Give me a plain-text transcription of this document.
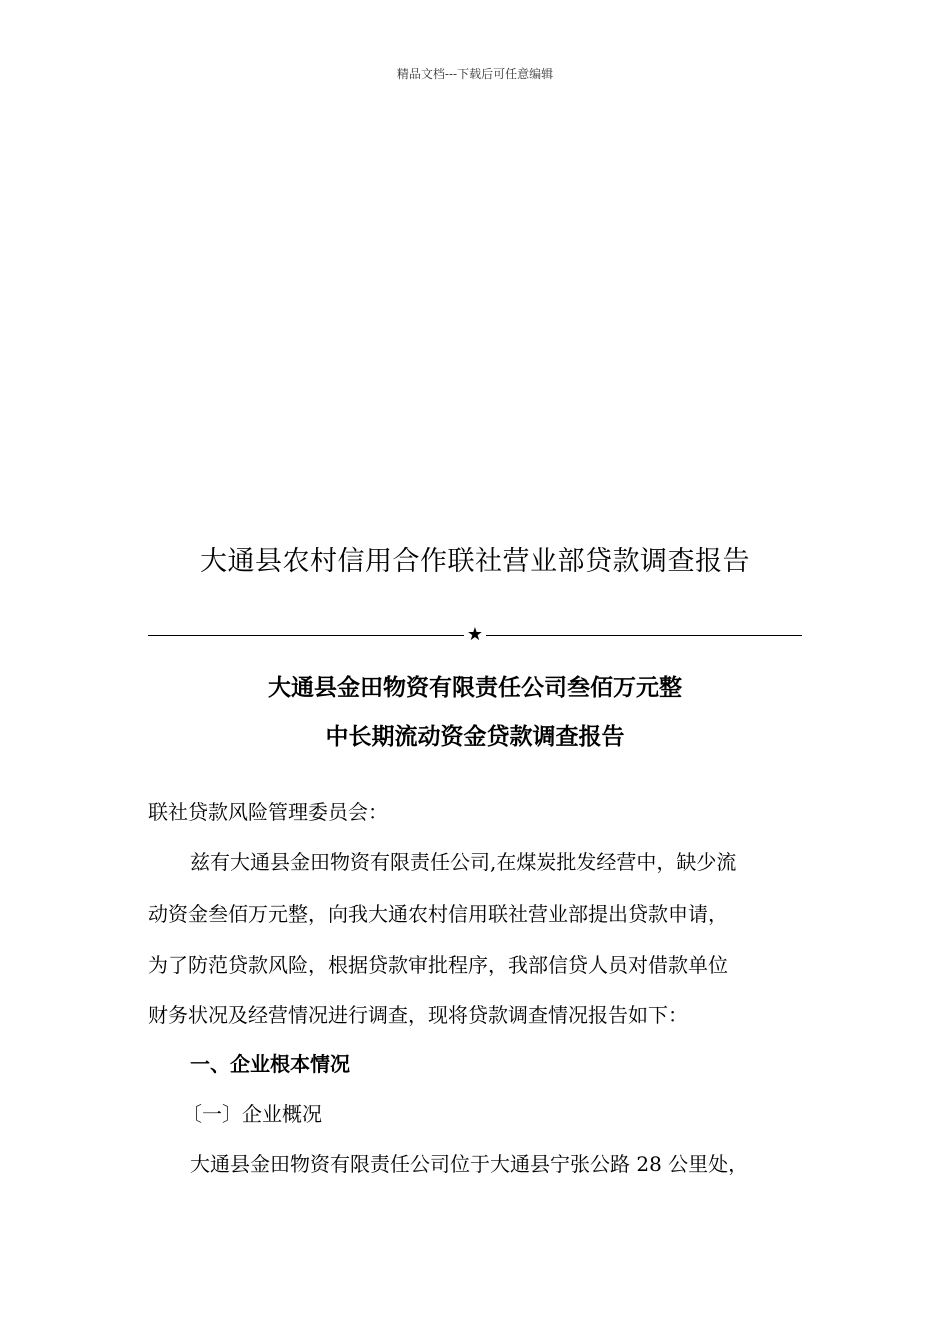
精品文档---下载后可任意编辑
大通县农村信用合作联社营业部贷款调查报告
★
大通县金田物资有限责任公司叁佰万元整
中长期流动资金贷款调查报告
联社贷款风险管理委员会：
兹有大通县金田物资有限责任公司,在煤炭批发经营中，缺少流
动资金叁佰万元整，向我大通农村信用联社营业部提出贷款申请，
为了防范贷款风险，根据贷款审批程序，我部信贷人员对借款单位
财务状况及经营情况进行调查，现将贷款调查情况报告如下：
一、企业根本情况
〔一〕企业概况
大通县金田物资有限责任公司位于大通县宁张公路 28 公里处，
